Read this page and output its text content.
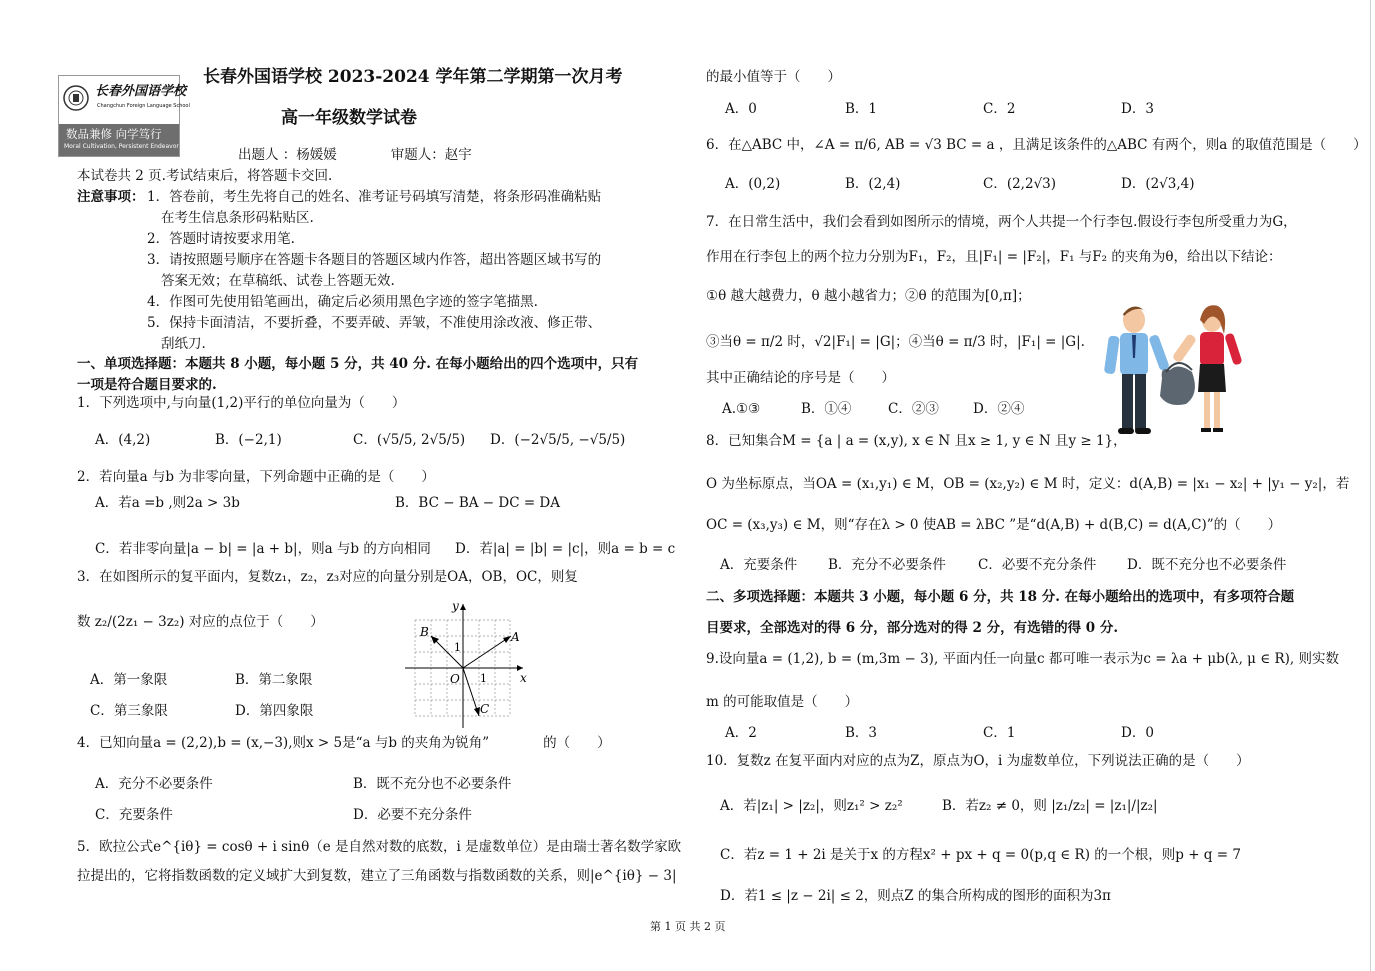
长春外国语学校
Changchun Foreign Language School
数品兼修 向学笃行
Moral Cultivation, Persistent Endeavor
长春外国语学校 2023-2024 学年第二学期第一次月考
高一年级数学试卷
出题人 ：杨媛媛　　　　审题人：赵宇
本试卷共 2 页.考试结束后，将答题卡交回.
注意事项： 1．答卷前，考生先将自己的姓名、准考证号码填写清楚，将条形码准确粘贴
在考生信息条形码粘贴区.
2．答题时请按要求用笔.
3．请按照题号顺序在答题卡各题目的答题区域内作答，超出答题区域书写的
答案无效；在草稿纸、试卷上答题无效.
4．作图可先使用铅笔画出，确定后必须用黑色字迹的签字笔描黑.
5．保持卡面清洁，不要折叠，不要弄破、弄皱，不准使用涂改液、修正带、
刮纸刀.
一、单项选择题：本题共 8 小题，每小题 5 分，共 40 分. 在每小题给出的四个选项中，只有
一项是符合题目要求的.
1．下列选项中,与向量(1,2)平行的单位向量为（　　）
A．(4,2)	B．(−2,1)	C．(√5/5, 2√5/5) D．(−2√5/5, −√5/5)
2．若向量a 与b 为非零向量，下列命题中正确的是（　　）
A．若a =b ,则2a > 3b	B．BC − BA − DC = DA
C．若非零向量|a − b| = |a + b|，则a 与b 的方向相同 D．若|a| = |b| = |c|，则a = b = c
3．在如图所示的复平面内，复数z₁，z₂，z₃对应的向量分别是OA，OB，OC，则复
数 z₂/(2z₁ − 3z₂) 对应的点位于（　　）
A．第一象限	B．第二象限
C．第三象限	D．第四象限
y
x
O 1
1
A
B
C
4．已知向量a = (2,2),b = (x,−3),则x > 5是“a 与b 的夹角为锐角”　　　　的（　　）
A．充分不必要条件	B．既不充分也不必要条件
C．充要条件	D．必要不充分条件
5．欧拉公式e^{iθ} = cosθ + i sinθ（e 是自然对数的底数，i 是虚数单位）是由瑞士著名数学家欧
拉提出的，它将指数函数的定义域扩大到复数，建立了三角函数与指数函数的关系，则|e^{iθ} − 3|
的最小值等于（　　）
A．0	B．1	C．2	D．3
6．在△ABC 中，∠A = π/6, AB = √3 BC = a ，且满足该条件的△ABC 有两个，则a 的取值范围是（　　）
A．(0,2)	B．(2,4)	C．(2,2√3)	D．(2√3,4)
7．在日常生活中，我们会看到如图所示的情境，两个人共提一个行李包.假设行李包所受重力为G，
作用在行李包上的两个拉力分别为F₁，F₂，且|F₁| = |F₂|，F₁ 与F₂ 的夹角为θ，给出以下结论：
①θ 越大越费力，θ 越小越省力；②θ 的范围为[0,π]；
③当θ = π/2 时，√2|F₁| = |G|；④当θ = π/3 时，|F₁| = |G|.
其中正确结论的序号是（　　）
A.①③	B．①④	C．②③	D．②④
8．已知集合M = {a | a = (x,y), x ∈ N 且x ≥ 1, y ∈ N 且y ≥ 1}，
O 为坐标原点，当OA = (x₁,y₁) ∈ M，OB = (x₂,y₂) ∈ M 时，定义：d(A,B) = |x₁ − x₂| + |y₁ − y₂|，若
OC = (x₃,y₃) ∈ M，则“存在λ > 0 使AB = λBC ”是“d(A,B) + d(B,C) = d(A,C)”的（　　）
A．充要条件 B．充分不必要条件 C．必要不充分条件 D．既不充分也不必要条件
二、多项选择题：本题共 3 小题，每小题 6 分，共 18 分. 在每小题给出的选项中，有多项符合题
目要求，全部选对的得 6 分，部分选对的得 2 分，有选错的得 0 分.
9.设向量a = (1,2), b = (m,3m − 3), 平面内任一向量c 都可唯一表示为c = λa + μb(λ, μ ∈ R), 则实数
m 的可能取值是（　　）
A．2	B．3	C．1	D．0
10．复数z 在复平面内对应的点为Z，原点为O，i 为虚数单位，下列说法正确的是（　　）
A．若|z₁| > |z₂|，则z₁² > z₂²	B．若z₂ ≠ 0，则 |z₁/z₂| = |z₁|/|z₂|
C．若z = 1 + 2i 是关于x 的方程x² + px + q = 0(p,q ∈ R) 的一个根，则p + q = 7
D．若1 ≤ |z − 2i| ≤ 2，则点Z 的集合所构成的图形的面积为3π
第 1 页 共 2 页
